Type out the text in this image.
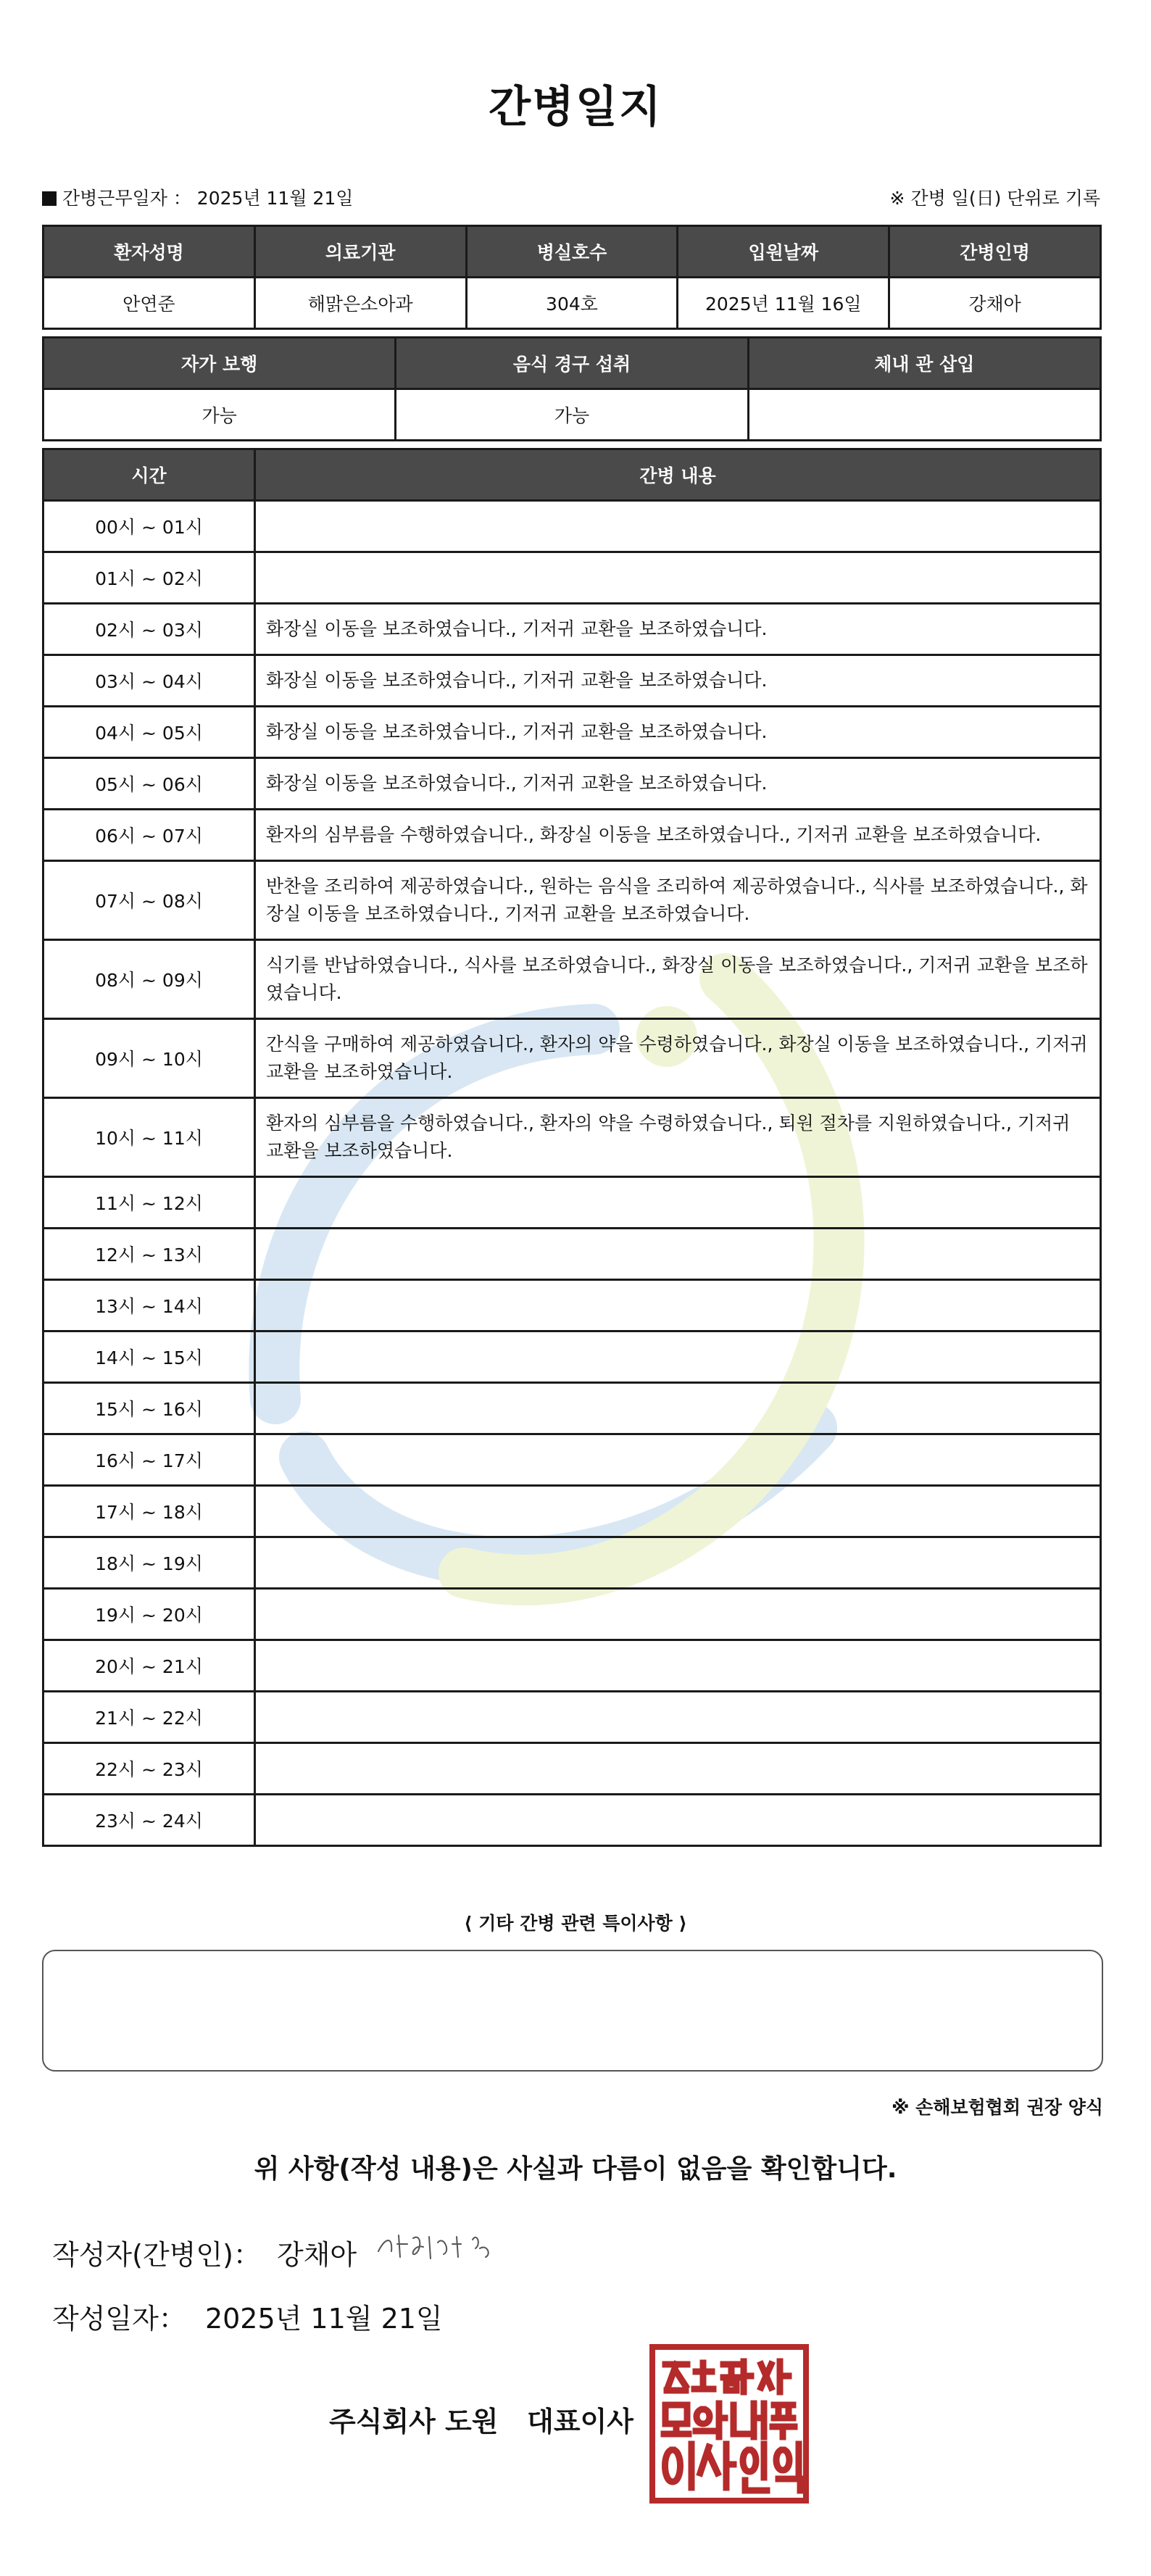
간병일지
간병근무일자 ： 2025년 11월 21일	※ 간병 일(日) 단위로 기록
환자성명	의료기관	병실호수	입원날짜	간병인명
안연준	해맑은소아과	304호	2025년 11월 16일	강채아
자가 보행	음식 경구 섭취	체내 관 삽입
가능	가능	
시간	간병 내용
00시 ~ 01시	
01시 ~ 02시	
02시 ~ 03시	화장실 이동을 보조하였습니다., 기저귀 교환을 보조하였습니다.
03시 ~ 04시	화장실 이동을 보조하였습니다., 기저귀 교환을 보조하였습니다.
04시 ~ 05시	화장실 이동을 보조하였습니다., 기저귀 교환을 보조하였습니다.
05시 ~ 06시	화장실 이동을 보조하였습니다., 기저귀 교환을 보조하였습니다.
06시 ~ 07시	환자의 심부름을 수행하였습니다., 화장실 이동을 보조하였습니다., 기저귀 교환을 보조하였습니다.
07시 ~ 08시	반찬을 조리하여 제공하였습니다., 원하는 음식을 조리하여 제공하였습니다., 식사를 보조하였습니다., 화장실 이동을 보조하였습니다., 기저귀 교환을 보조하였습니다.
08시 ~ 09시	식기를 반납하였습니다., 식사를 보조하였습니다., 화장실 이동을 보조하였습니다., 기저귀 교환을 보조하였습니다.
09시 ~ 10시	간식을 구매하여 제공하였습니다., 환자의 약을 수령하였습니다., 화장실 이동을 보조하였습니다., 기저귀 교환을 보조하였습니다.
10시 ~ 11시	환자의 심부름을 수행하였습니다., 환자의 약을 수령하였습니다., 퇴원 절차를 지원하였습니다., 기저귀 교환을 보조하였습니다.
11시 ~ 12시	
12시 ~ 13시	
13시 ~ 14시	
14시 ~ 15시	
15시 ~ 16시	
16시 ~ 17시	
17시 ~ 18시	
18시 ~ 19시	
19시 ~ 20시	
20시 ~ 21시	
21시 ~ 22시	
22시 ~ 23시	
23시 ~ 24시	
⟨ 기타 간병 관련 특이사항 ⟩
※ 손해보험협회 권장 양식
위 사항(작성 내용)은 사실과 다름이 없음을 확인합니다.
작성자(간병인)： 강채아
작성일자： 2025년 11월 21일
주식회사 도원   대표이사
